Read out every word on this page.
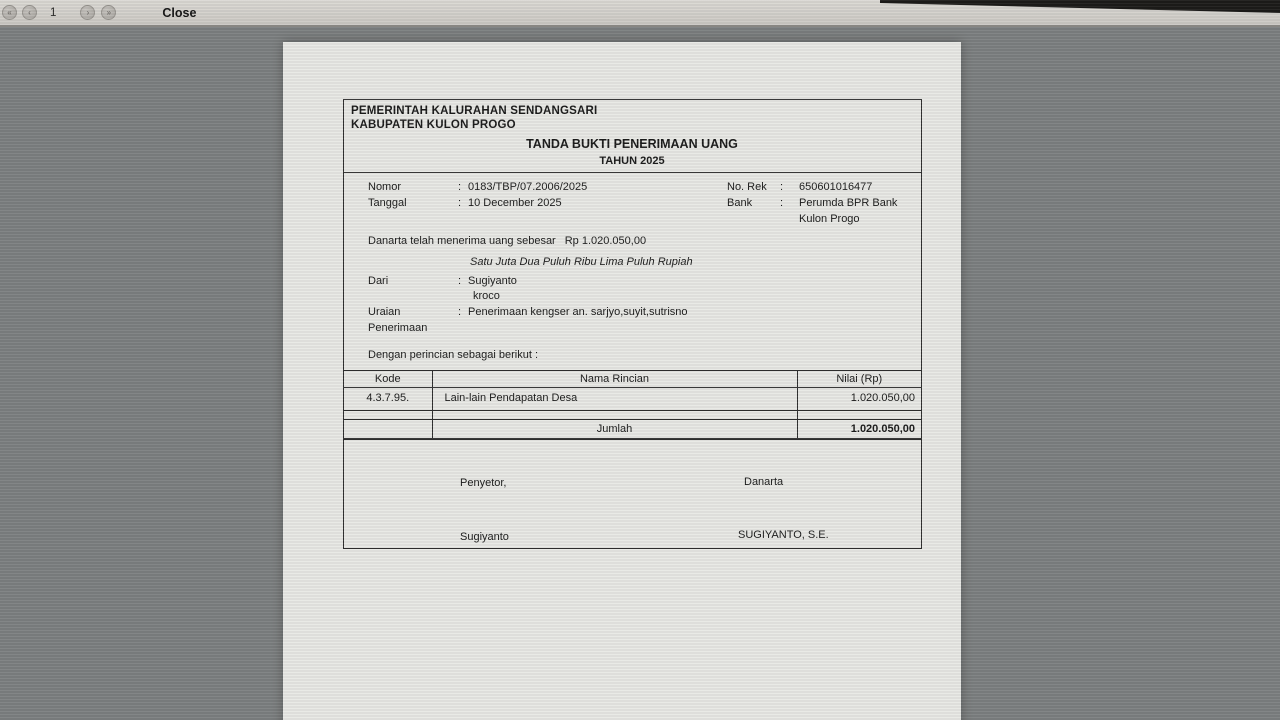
«	‹	1	›	»	Close
PEMERINTAH KALURAHAN SENDANGSARI
KABUPATEN KULON PROGO
TANDA BUKTI PENERIMAAN UANG
TAHUN 2025
Nomor	: 0183/TBP/07.2006/2025
Tanggal	: 10 December 2025
No. Rek	:	650601016477
Bank	:	Perumda BPR Bank Kulon Progo
Danarta telah menerima uang sebesar Rp 1.020.050,00
Satu Juta Dua Puluh Ribu Lima Puluh Rupiah
Dari	: Sugiyanto
kroco
Uraian Penerimaan
: Penerimaan kengser an. sarjyo,suyit,sutrisno
Dengan perincian sebagai berikut :
Kode	Nama Rincian	Nilai (Rp)
4.3.7.95.	Lain-lain Pendapatan Desa	1.020.050,00

	Jumlah	1.020.050,00
Penyetor,	Danarta
Sugiyanto	SUGIYANTO, S.E.
